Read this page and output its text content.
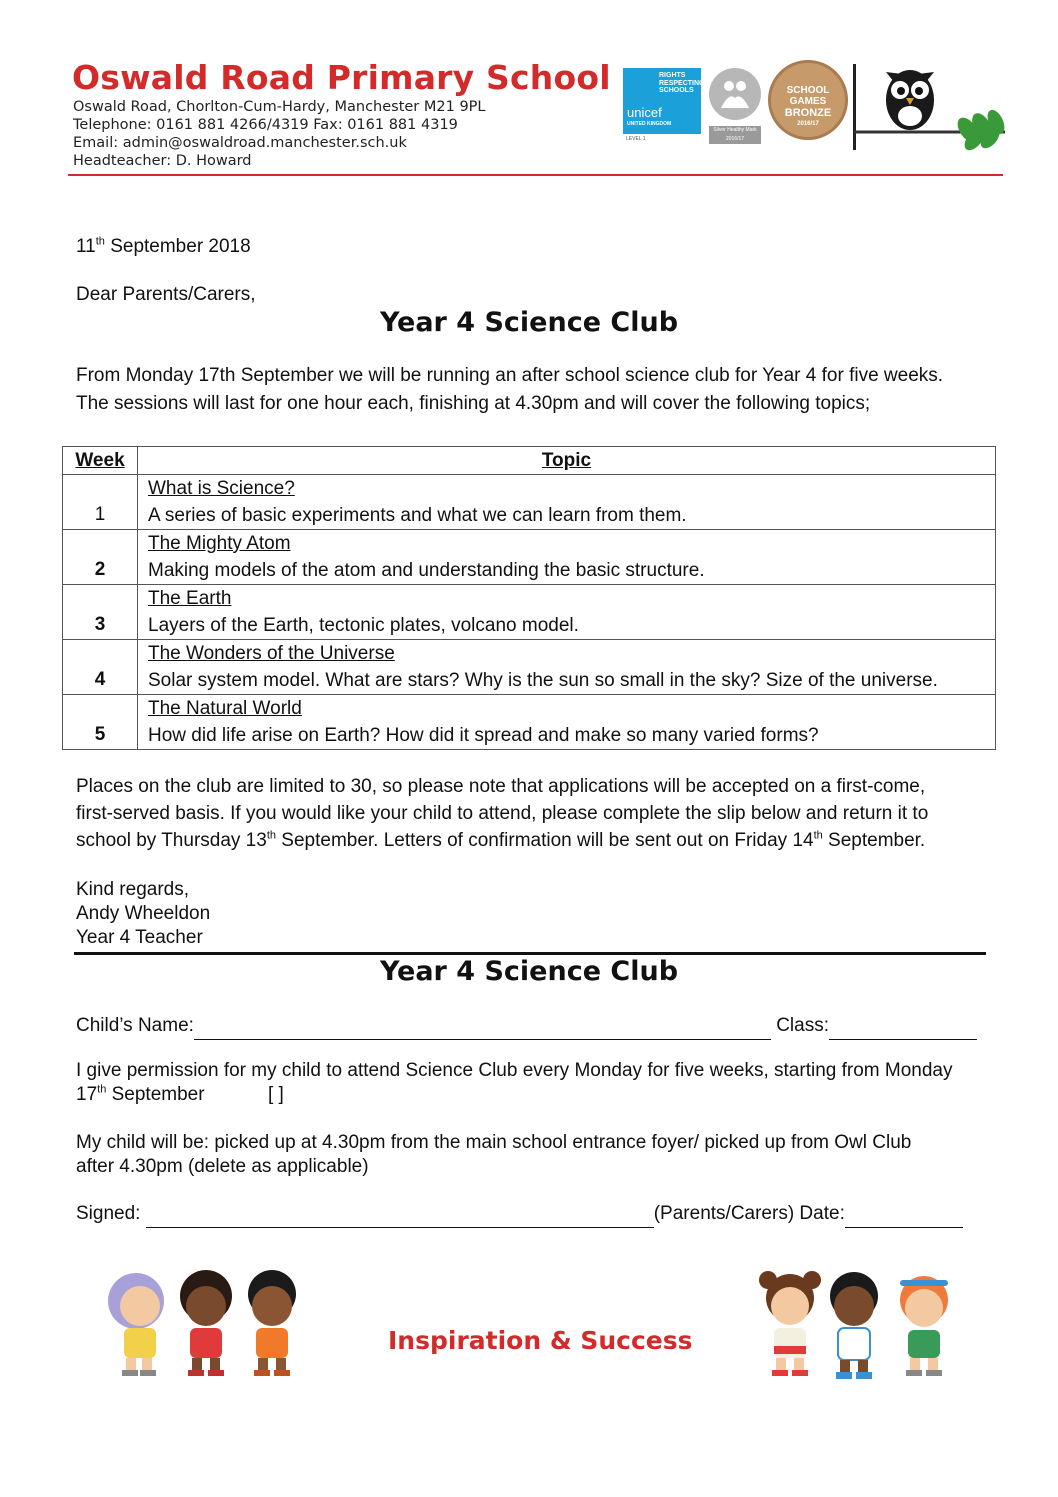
Oswald Road Primary School
Oswald Road, Chorlton-Cum-Hardy, Manchester M21 9PL
Telephone: 0161 881 4266/4319 Fax: 0161 881 4319
Email: admin@oswaldroad.manchester.sch.uk
Headteacher: D. Howard
RIGHTS RESPECTING SCHOOLS
unicef
UNITED KINGDOM
LEVEL 1
Silver Healthy Mark 2016/17
SCHOOL GAMES
BRONZE
2016/17
11th September 2018
Dear Parents/Carers,
Year 4 Science Club
From Monday 17th September we will be running an after school science club for Year 4 for five weeks.
The sessions will last for one hour each, finishing at 4.30pm and will cover the following topics;
Week	Topic
1	What is Science?
A series of basic experiments and what we can learn from them.

2	The Mighty Atom
Making models of the atom and understanding the basic structure.

3	The Earth
Layers of the Earth, tectonic plates, volcano model.

4	The Wonders of the Universe
Solar system model. What are stars? Why is the sun so small in the sky? Size of the universe.

5	The Natural World
How did life arise on Earth? How did it spread and make so many varied forms?
Places on the club are limited to 30, so please note that applications will be accepted on a first-come,
first-served basis. If you would like your child to attend, please complete the slip below and return it to
school by Thursday 13th September. Letters of confirmation will be sent out on Friday 14th September.
Kind regards,
Andy Wheeldon
Year 4 Teacher
Year 4 Science Club
Child’s Name:	Class:
I give permission for my child to attend Science Club every Monday for five weeks, starting from Monday
17th September	[ ]
My child will be: picked up at 4.30pm from the main school entrance foyer/ picked up from Owl Club
after 4.30pm (delete as applicable)
Signed:	(Parents/Carers) Date:
Inspiration & Success
